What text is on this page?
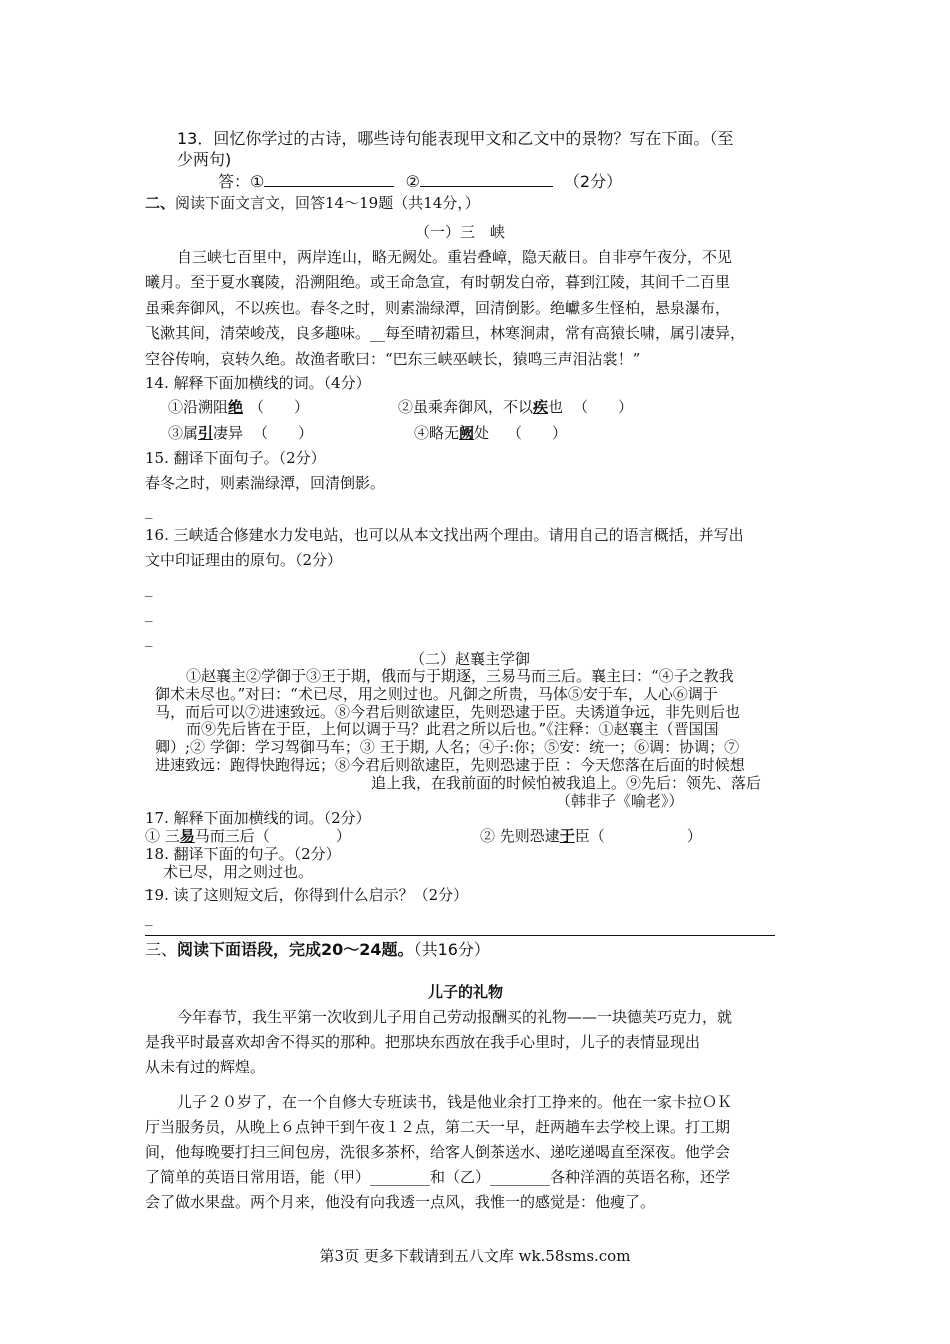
13．回忆你学过的古诗，哪些诗句能表现甲文和乙文中的景物？写在下面。（至
少两句)
答：①	②	（2分）
二、阅读下面文言文，回答14～19题（共14分，）
（一）三　峡
自三峡七百里中，两岸连山，略无阙处。重岩叠嶂，隐天蔽日。自非亭午夜分，不见
曦月。至于夏水襄陵，沿溯阻绝。或王命急宣，有时朝发白帝，暮到江陵，其间千二百里
虽乘奔御风，不以疾也。春冬之时，则素湍绿潭，回清倒影。绝巘多生怪柏，悬泉瀑布，
飞漱其间，清荣峻茂，良多趣味。__每至晴初霜旦，林寒涧肃，常有高猿长啸，属引凄异，
空谷传响，哀转久绝。故渔者歌曰：“巴东三峡巫峡长，猿鸣三声泪沾裳！”
14. 解释下面加横线的词。（4分）
①沿溯阻绝 （　　）	②虽乘奔御风，不以疾也 （　　）
③属引凄异 （　　）	④略无阙处 （　　）
15. 翻译下面句子。（2分）
春冬之时，则素湍绿潭，回清倒影。
_
16. 三峡适合修建水力发电站，也可以从本文找出两个理由。请用自己的语言概括，并写出
文中印证理由的原句。（2分）
_
_
_
（二）赵襄主学御
①赵襄主②学御于③王于期，俄而与于期逐，三易马而三后。襄主曰：“④子之教我
御术未尽也。”对曰：“术已尽，用之则过也。凡御之所贵，马体⑤安于车，人心⑥调于
马，而后可以⑦进速致远。⑧今君后则欲逮臣，先则恐逮于臣。夫诱道争远，非先则后也
而⑨先后皆在于臣，上何以调于马？此君之所以后也。”《注释：①赵襄主（晋国国
卿）;② 学御：学习驾御马车；③ 王于期, 人名；④子:你；⑤安：统一；⑥调：协调；⑦
进速致远：跑得快跑得远；⑧今君后则欲逮臣，先则恐逮于臣 ：今天您落在后面的时候想
追上我，在我前面的时候怕被我追上。⑨先后：领先、落后
（韩非子《喻老》）
17. 解释下面加横线的词。（2分）
① 三易马而三后（	）	② 先则恐逮于臣（	）
18. 翻译下面的句子。（2分）
术已尽，用之则过也。
_
19. 读了这则短文后，你得到什么启示？（2分）
_
三、阅读下面语段，完成20～24题。（共16分）
儿子的礼物
今年春节，我生平第一次收到儿子用自己劳动报酬买的礼物——一块德芙巧克力，就
是我平时最喜欢却舍不得买的那种。把那块东西放在我手心里时，儿子的表情显现出
从未有过的辉煌。
儿子２０岁了，在一个自修大专班读书，钱是他业余打工挣来的。他在一家卡拉ＯＫ
厅当服务员，从晚上６点钟干到午夜１２点，第二天一早，赶两趟车去学校上课。打工期
间，他每晚要打扫三间包房，洗很多茶杯，给客人倒茶送水、递吃递喝直至深夜。他学会
了简单的英语日常用语，能（甲）________和（乙）________各种洋酒的英语名称，还学
会了做水果盘。两个月来，他没有向我透一点风，我惟一的感觉是：他瘦了。
第3页 更多下载请到五八文库 wk.58sms.com
